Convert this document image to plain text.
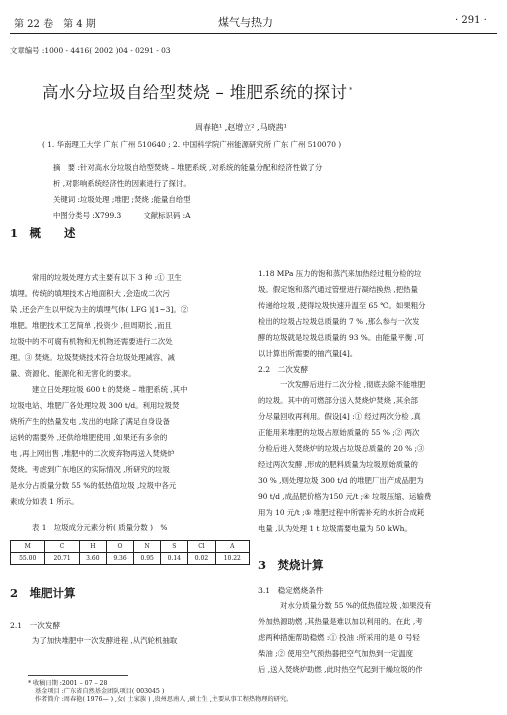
第 22 卷　第 4 期	煤气与热力	· 291 ·
文章编号 :1000 - 4416( 2002 )04 - 0291 - 03
高水分垃圾自给型焚烧 – 堆肥系统的探讨 *
周春艳¹ ,赵增立² ,马晓茜¹
( 1. 华南理工大学 广东 广州 510640 ; 2. 中国科学院广州能源研究所 广东 广州 510070 )
摘　要 :针对高水分垃圾自给型焚烧 – 堆肥系统 ,对系统的能量分配和经济性做了分
析 ,对影响系统经济性的因素进行了探讨。
关键词 :垃圾处理 ;堆肥 ;焚烧 ;能量自给型
中图分类号 :X799.3　　　文献标识码 :A
1　概　　述
常用的垃圾处理方式主要有以下 3 种 :① 卫生
填埋。传统的填埋技术占地面积大 ,会造成二次污
染 ,还会产生以甲烷为主的填埋气体( LFG )[1~3]。②
堆肥。堆肥技术工艺简单 ,投资少 ,但周期长 ,而且
垃圾中的不可腐有机物和无机物还需要进行二次处
理。③ 焚烧。垃圾焚烧技术符合垃圾处理减容、减
量、资源化、能源化和无害化的要求。
建立日处理垃圾 600 t 的焚烧 – 堆肥系统 ,其中
垃圾电站、堆肥厂各处理垃圾 300 t/d。利用垃圾焚
烧所产生的热量发电 ,发出的电除了满足自身设备
运转的需要外 ,还供给堆肥使用 ,如果还有多余的
电 ,再上网出售 ,堆肥中的二次废弃物再送入焚烧炉
焚烧。考虑到广东地区的实际情况 ,所研究的垃圾
是水分占质量分数 55 %的低热值垃圾 ,垃圾中各元
素成分如表 1 所示。
表 1　垃圾成分元素分析( 质量分数 )　%
M	C	H	O	N	S	Cl	A
55.00	20.71	3.60	9.36	0.95	0.14	0.02	10.22
2　堆肥计算
2.1　一次发酵
为了加快堆肥中一次发酵进程 ,从汽轮机抽取
1.18 MPa 压力的饱和蒸汽来加热经过粗分检的垃
圾。假定饱和蒸汽通过管壁进行凝结换热 ,把热量
传递给垃圾 ,使得垃圾快速升温至 65 ℃。如果粗分
检出的垃圾占垃圾总质量的 7 % ,那么参与一次发
酵的垃圾就是垃圾总质量的 93 %。由能量平衡 ,可
以计算出所需要的抽汽量[4]。
2.2　二次发酵
一次发酵后进行二次分检 ,彻底去除不能堆肥
的垃圾。其中的可燃部分送入焚烧炉焚烧 ,其余部
分尽量回收再利用。假设[4] :① 经过两次分检 ,真
正能用来堆肥的垃圾占原始质量的 55 % ;② 两次
分检后进入焚烧炉的垃圾占垃圾总质量的 20 % ;③
经过两次发酵 ,形成的肥料质量为垃圾原始质量的
30 % ,则处理垃圾 300 t/d 的堆肥厂出产成品肥为
90 t/d ,成品肥价格为150 元/t ;④ 垃圾压缩、运输费
用为 10 元/t ;⑤ 堆肥过程中所需补充的水折合成耗
电量 ,认为处理 1 t 垃圾需要电量为 50 kWh。
3　焚烧计算
3.1　稳定燃烧条件
对水分质量分数 55 %的低热值垃圾 ,如果没有
外加热源助燃 ,其热量是难以加以利用的。在此 ,考
虑两种措施帮助稳燃 :① 投油 :所采用的是 0 号轻
柴油 ;② 使用空气预热器把空气加热到一定温度
后 ,送入焚烧炉助燃 ,此时热空气起到干燥垃圾的作
* 收稿日期 :2001 – 07 – 28
基金项目 :广东省自然基金团队项目( 003045 )
作者简介 :周春艳( 1976— ) ,女( 土家族 ) ,贵州思南人 ,硕士生 ,主要从事工程热物理的研究。
